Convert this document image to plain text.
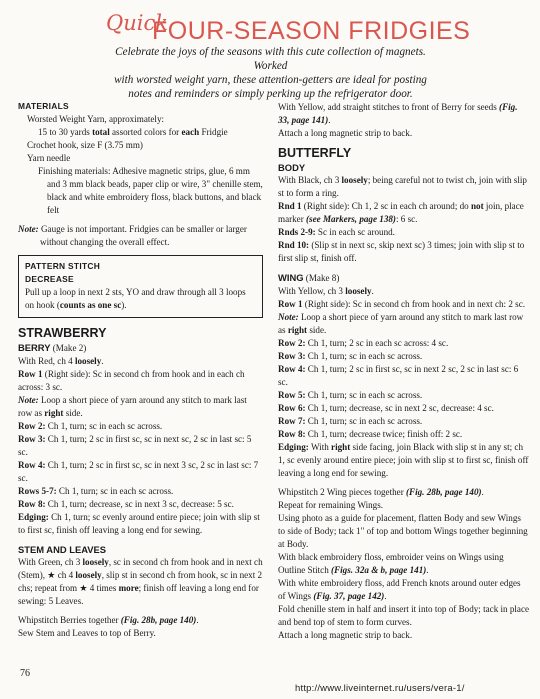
Quick
FOUR-SEASON FRIDGIES
Celebrate the joys of the seasons with this cute collection of magnets. Worked
with worsted weight yarn, these attention-getters are ideal for posting
notes and reminders or simply perking up the refrigerator door.

MATERIALS

Worsted Weight Yarn, approximately:

15 to 30 yards total assorted colors for each Fridgie

Crochet hook, size F (3.75 mm)

Yarn needle

Finishing materials: Adhesive magnetic strips, glue, 6 mm and 3 mm black beads, paper clip or wire, 3" chenille stem, black and white embroidery floss, black buttons, and black felt

Note: Gauge is not important. Fridgies can be smaller or larger without changing the overall effect.

PATTERN STITCH

DECREASE

Pull up a loop in next 2 sts, YO and draw through all 3 loops on hook (counts as one sc).

STRAWBERRY

BERRY (Make 2)

With Red, ch 4 loosely.

Row 1 (Right side): Sc in second ch from hook and in each ch across: 3 sc.

Note: Loop a short piece of yarn around any stitch to mark last row as right side.

Row 2: Ch 1, turn; sc in each sc across.

Row 3: Ch 1, turn; 2 sc in first sc, sc in next sc, 2 sc in last sc: 5 sc.

Row 4: Ch 1, turn; 2 sc in first sc, sc in next 3 sc, 2 sc in last sc: 7 sc.

Rows 5-7: Ch 1, turn; sc in each sc across.

Row 8: Ch 1, turn; decrease, sc in next 3 sc, decrease: 5 sc.

Edging: Ch 1, turn; sc evenly around entire piece; join with slip st to first sc, finish off leaving a long end for sewing.

STEM AND LEAVES

With Green, ch 3 loosely, sc in second ch from hook and in next ch (Stem), ★ ch 4 loosely, slip st in second ch from hook, sc in next 2 chs; repeat from ★ 4 times more; finish off leaving a long end for sewing: 5 Leaves.

Whipstitch Berries together (Fig. 28b, page 140).

Sew Stem and Leaves to top of Berry.

With Yellow, add straight stitches to front of Berry for seeds (Fig. 33, page 141).

Attach a long magnetic strip to back.

BUTTERFLY

BODY

With Black, ch 3 loosely; being careful not to twist ch, join with slip st to form a ring.

Rnd 1 (Right side): Ch 1, 2 sc in each ch around; do not join, place marker (see Markers, page 138): 6 sc.

Rnds 2-9: Sc in each sc around.

Rnd 10: (Slip st in next sc, skip next sc) 3 times; join with slip st to first slip st, finish off.

WING (Make 8)

With Yellow, ch 3 loosely.

Row 1 (Right side): Sc in second ch from hook and in next ch: 2 sc.

Note: Loop a short piece of yarn around any stitch to mark last row as right side.

Row 2: Ch 1, turn; 2 sc in each sc across: 4 sc.

Row 3: Ch 1, turn; sc in each sc across.

Row 4: Ch 1, turn; 2 sc in first sc, sc in next 2 sc, 2 sc in last sc: 6 sc.

Row 5: Ch 1, turn; sc in each sc across.

Row 6: Ch 1, turn; decrease, sc in next 2 sc, decrease: 4 sc.

Row 7: Ch 1, turn; sc in each sc across.

Row 8: Ch 1, turn; decrease twice; finish off: 2 sc.

Edging: With right side facing, join Black with slip st in any st; ch 1, sc evenly around entire piece; join with slip st to first sc, finish off leaving a long end for sewing.

Whipstitch 2 Wing pieces together (Fig. 28b, page 140).

Repeat for remaining Wings.

Using photo as a guide for placement, flatten Body and sew Wings to side of Body; tack 1" of top and bottom Wings together beginning at Body.

With black embroidery floss, embroider veins on Wings using Outline Stitch (Figs. 32a & b, page 141).

With white embroidery floss, add French knots around outer edges of Wings (Fig. 37, page 142).

Fold chenille stem in half and insert it into top of Body; tack in place and bend top of stem to form curves.

Attach a long magnetic strip to back.

76
http://www.liveinternet.ru/users/vera-1/
